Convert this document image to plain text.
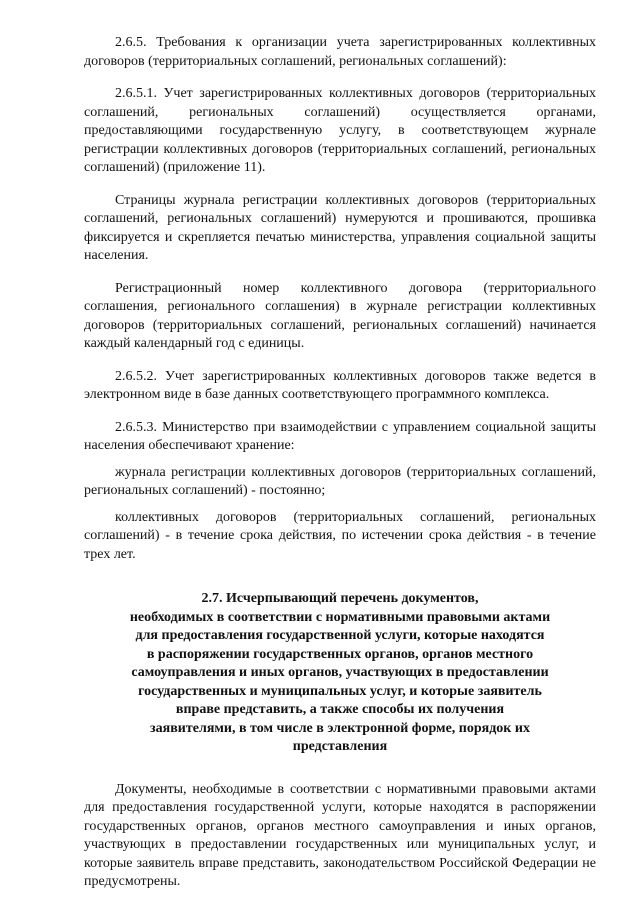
2.6.5. Требования к организации учета зарегистрированных коллективных договоров (территориальных соглашений, региональных соглашений):

2.6.5.1. Учет зарегистрированных коллективных договоров (территориальных соглашений, региональных соглашений) осуществляется органами, предоставляющими государственную услугу, в соответствующем журнале регистрации коллективных договоров (территориальных соглашений, региональных соглашений) (приложение 11).

Страницы журнала регистрации коллективных договоров (территориальных соглашений, региональных соглашений) нумеруются и прошиваются, прошивка фиксируется и скрепляется печатью министерства, управления социальной защиты населения.

Регистрационный номер коллективного договора (территориального соглашения, регионального соглашения) в журнале регистрации коллективных договоров (территориальных соглашений, региональных соглашений) начинается каждый календарный год с единицы.

2.6.5.2. Учет зарегистрированных коллективных договоров также ведется в электронном виде в базе данных соответствующего программного комплекса.

2.6.5.3. Министерство при взаимодействии с управлением социальной защиты населения обеспечивают хранение:

журнала регистрации коллективных договоров (территориальных соглашений, региональных соглашений) - постоянно;

коллективных договоров (территориальных соглашений, региональных соглашений) - в течение срока действия, по истечении срока действия - в течение трех лет.

2.7. Исчерпывающий перечень документов,
необходимых в соответствии с нормативными правовыми актами
для предоставления государственной услуги, которые находятся
в распоряжении государственных органов, органов местного
самоуправления и иных органов, участвующих в предоставлении
государственных и муниципальных услуг, и которые заявитель
вправе представить, а также способы их получения
заявителями, в том числе в электронной форме, порядок их
представления

Документы, необходимые в соответствии с нормативными правовыми актами для предоставления государственной услуги, которые находятся в распоряжении государственных органов, органов местного самоуправления и иных органов, участвующих в предоставлении государственных или муниципальных услуг, и которые заявитель вправе представить, законодательством Российской Федерации не предусмотрены.
